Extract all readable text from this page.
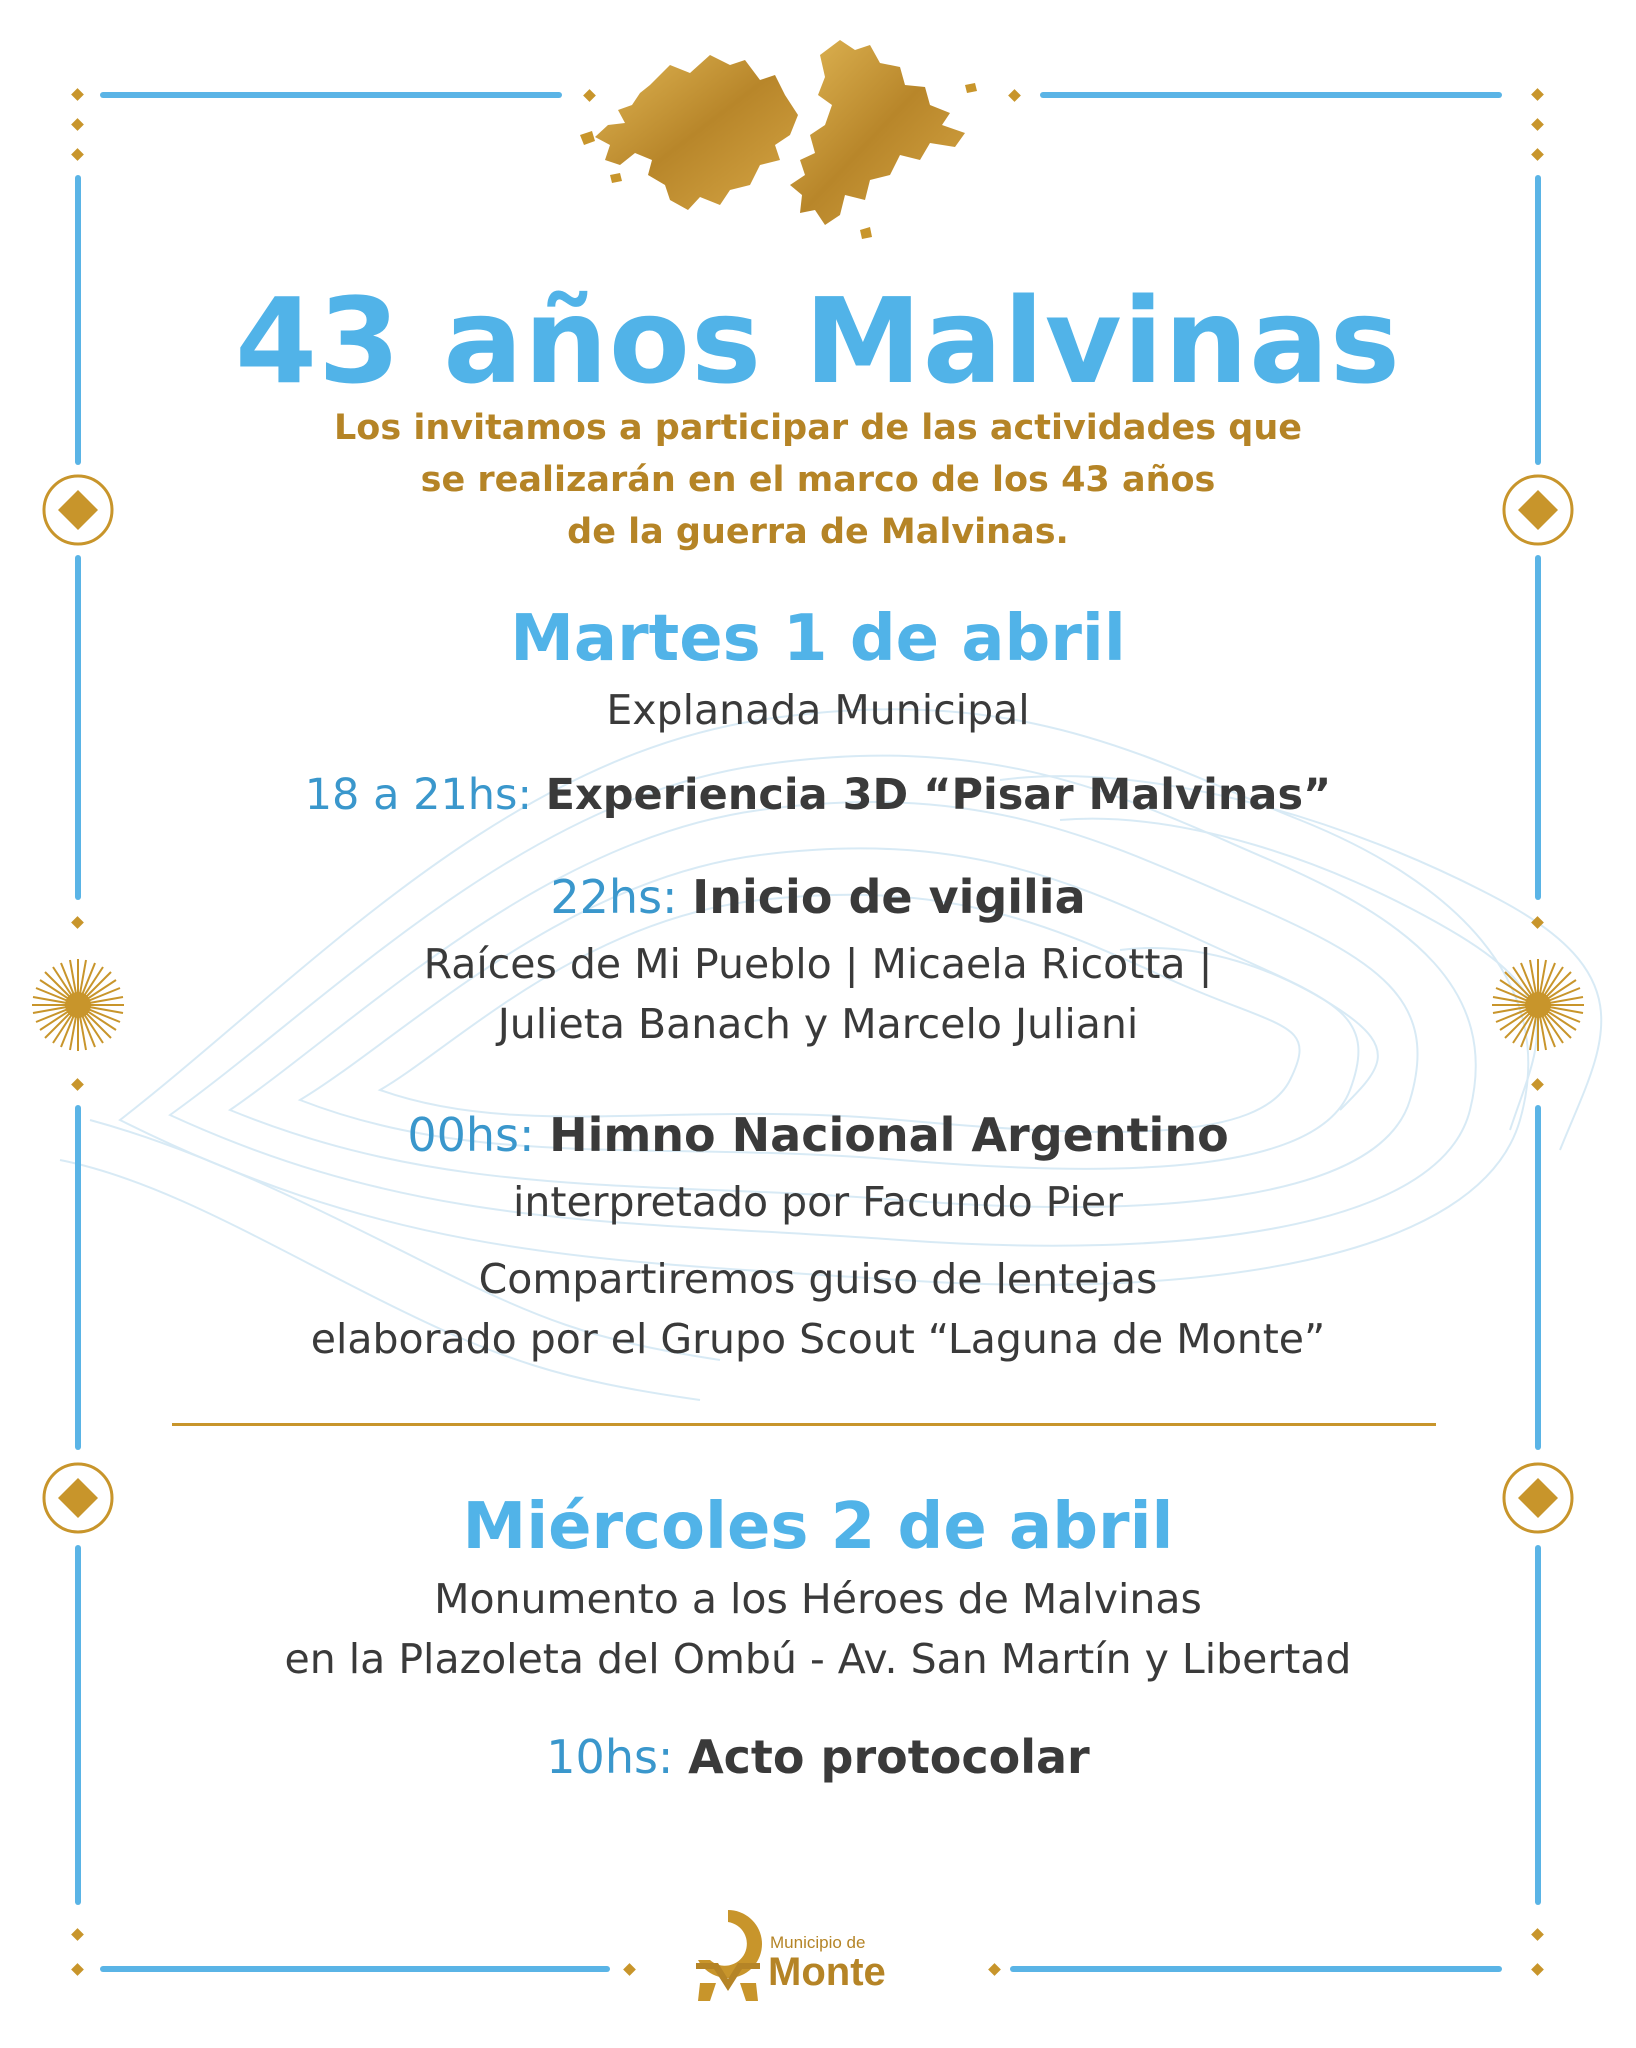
43 años Malvinas
Los invitamos a participar de las actividades que
se realizarán en el marco de los 43 años
de la guerra de Malvinas.
Martes 1 de abril
Explanada Municipal
18 a 21hs: Experiencia 3D “Pisar Malvinas”
22hs: Inicio de vigilia
Raíces de Mi Pueblo | Micaela Ricotta |
Julieta Banach y Marcelo Juliani
00hs: Himno Nacional Argentino
interpretado por Facundo Pier
Compartiremos guiso de lentejas
elaborado por el Grupo Scout “Laguna de Monte”
Miércoles 2 de abril
Monumento a los Héroes de Malvinas
en la Plazoleta del Ombú - Av. San Martín y Libertad
10hs: Acto protocolar
Municipio de
Monte
